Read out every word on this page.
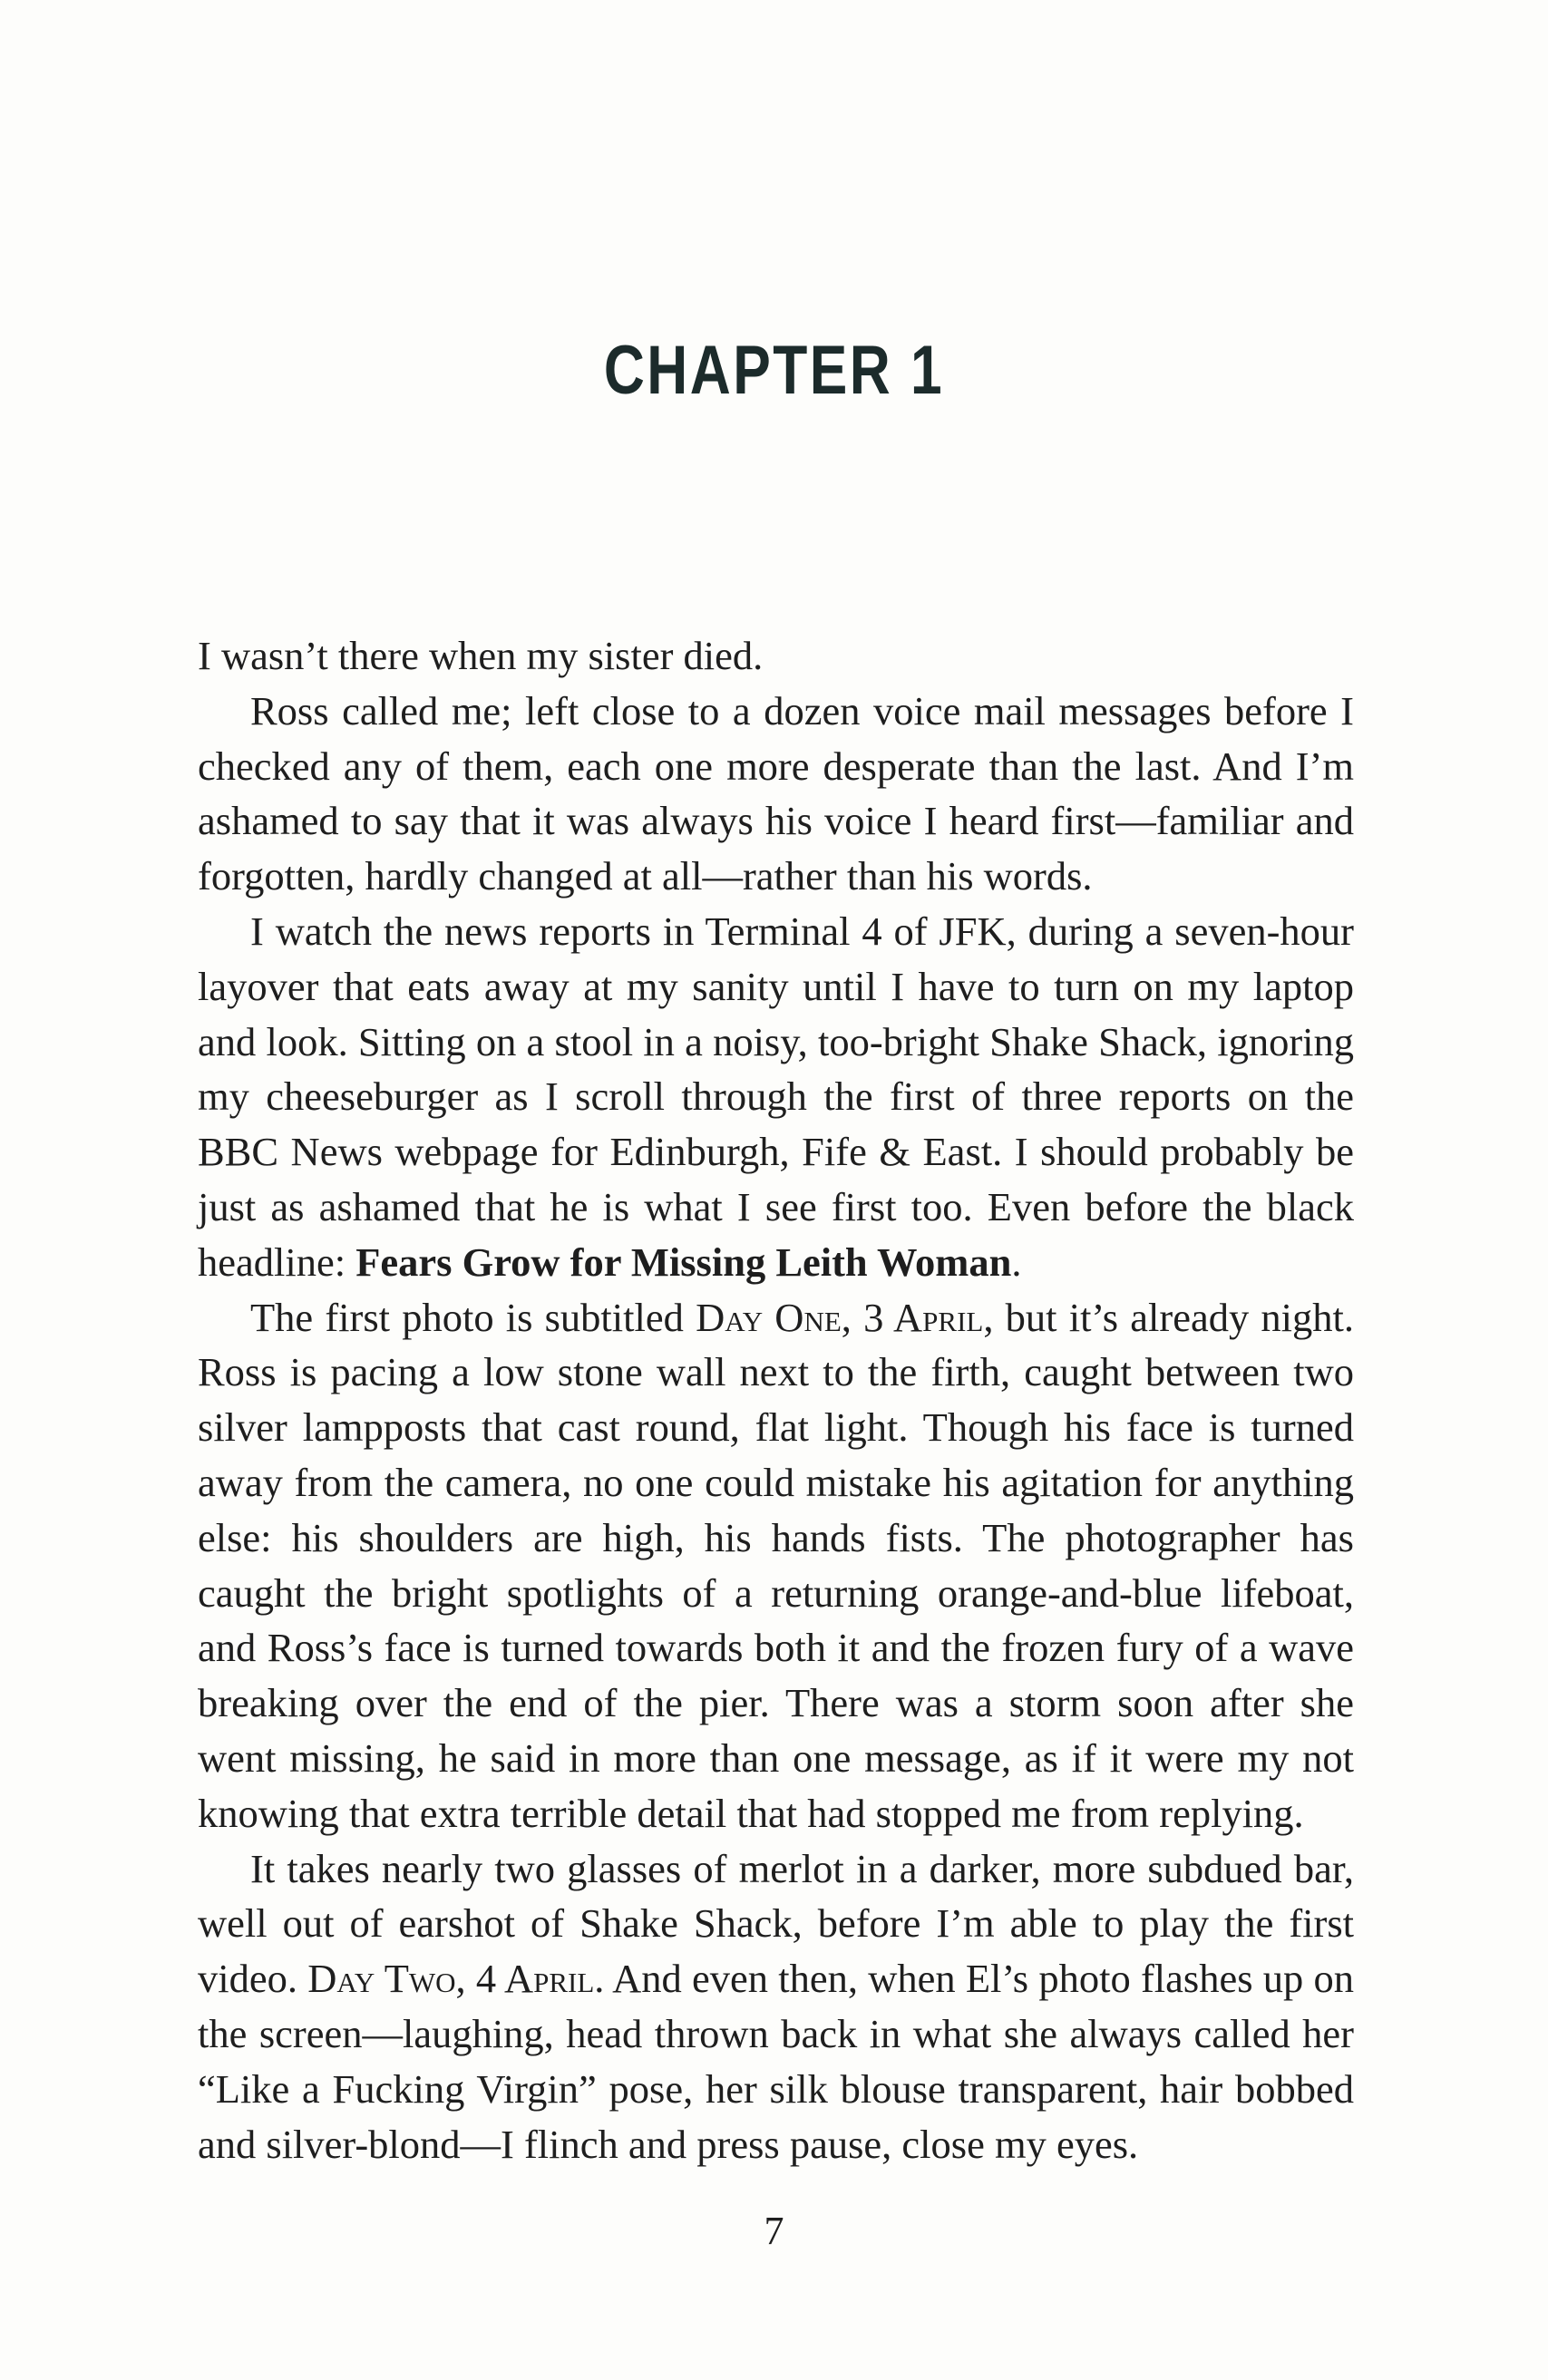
CHAPTER 1

I wasn’t there when my sister died.

Ross called me; left close to a dozen voice mail messages before I checked any of them, each one more desperate than the last. And I’m ashamed to say that it was always his voice I heard first—familiar and forgotten, hardly changed at all—rather than his words.

I watch the news reports in Terminal 4 of JFK, during a seven-hour layover that eats away at my sanity until I have to turn on my laptop and look. Sitting on a stool in a noisy, too-bright Shake Shack, ignoring my cheeseburger as I scroll through the first of three reports on the BBC News webpage for Edinburgh, Fife & East. I should probably be just as ashamed that he is what I see first too. Even before the black headline: Fears Grow for Missing Leith Woman.

The first photo is subtitled Day One, 3 April, but it’s already night. Ross is pacing a low stone wall next to the firth, caught between two silver lampposts that cast round, flat light. Though his face is turned away from the camera, no one could mistake his agitation for anything else: his shoulders are high, his hands fists. The photographer has caught the bright spotlights of a returning orange-and-blue lifeboat, and Ross’s face is turned towards both it and the frozen fury of a wave breaking over the end of the pier. There was a storm soon after she went missing, he said in more than one message, as if it were my not knowing that extra terrible detail that had stopped me from replying.

It takes nearly two glasses of merlot in a darker, more subdued bar, well out of earshot of Shake Shack, before I’m able to play the first video. Day Two, 4 April. And even then, when El’s photo flashes up on the screen—laughing, head thrown back in what she always called her “Like a Fucking Virgin” pose, her silk blouse transparent, hair bobbed and silver-blond—I flinch and press pause, close my eyes.

7
